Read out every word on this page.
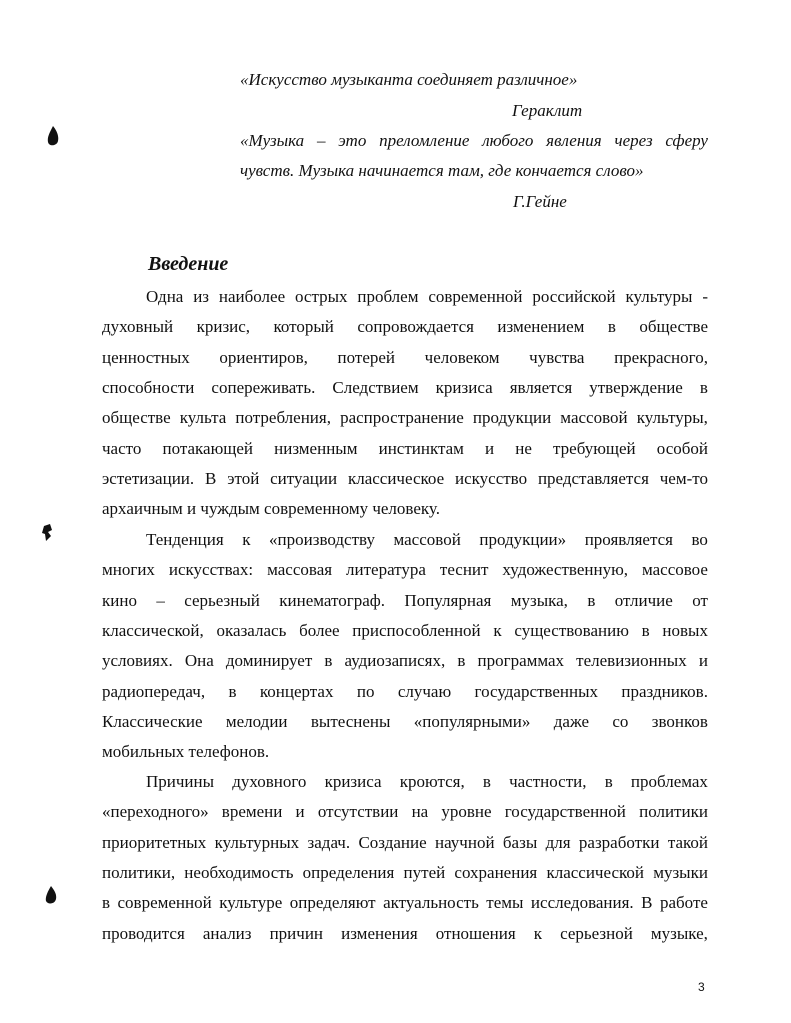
«Искусство музыканта соединяет различное»
Гераклит
«Музыка – это преломление любого явления через сферу
чувств. Музыка начинается там, где кончается слово»
Г.Гейне
Введение
Одна из наиболее острых проблем современной российской культуры -
духовный кризис, который сопровождается изменением в обществе
ценностных ориентиров, потерей человеком чувства прекрасного,
способности сопереживать. Следствием кризиса является утверждение в
обществе культа потребления, распространение продукции массовой культуры,
часто потакающей низменным инстинктам и не требующей особой
эстетизации. В этой ситуации классическое искусство представляется чем-то
архаичным и чуждым современному человеку.
Тенденция к «производству массовой продукции» проявляется во
многих искусствах: массовая литература теснит художественную, массовое
кино – серьезный кинематограф. Популярная музыка, в отличие от
классической, оказалась более приспособленной к существованию в новых
условиях. Она доминирует в аудиозаписях, в программах телевизионных и
радиопередач, в концертах по случаю государственных праздников.
Классические мелодии вытеснены «популярными» даже со звонков
мобильных телефонов.
Причины духовного кризиса кроются, в частности, в проблемах
«переходного» времени и отсутствии на уровне государственной политики
приоритетных культурных задач. Создание научной базы для разработки такой
политики, необходимость определения путей сохранения классической музыки
в современной культуре определяют актуальность темы исследования. В работе
проводится анализ причин изменения отношения к серьезной музыке,
3
